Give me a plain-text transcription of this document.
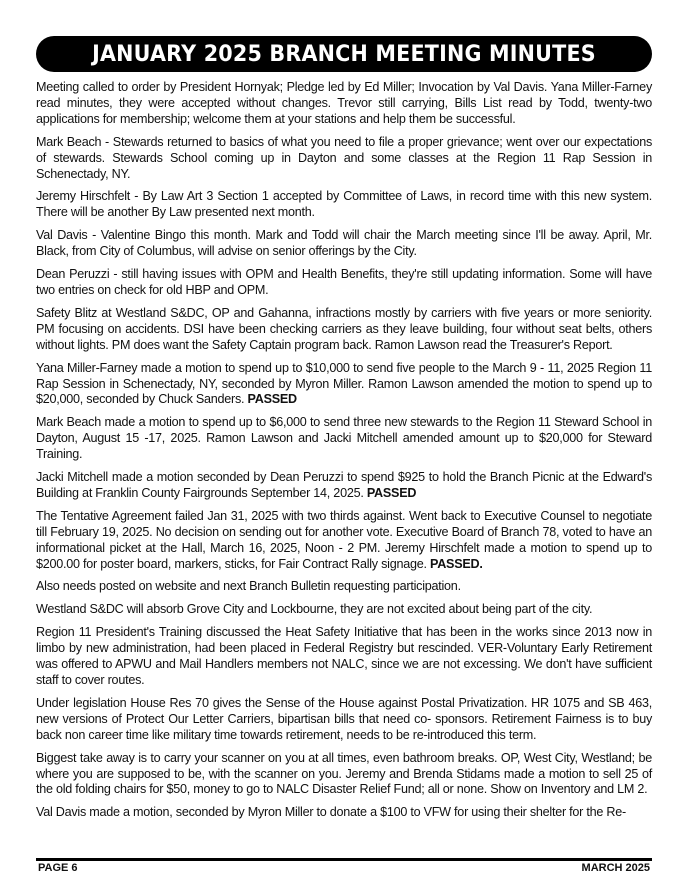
JANUARY 2025 BRANCH MEETING MINUTES

Meeting called to order by President Hornyak; Pledge led by Ed Miller; Invocation by Val Davis. Yana Miller-Farney read minutes, they were accepted without changes. Trevor still carrying, Bills List read by Todd, twenty-two applications for membership; welcome them at your stations and help them be successful.

Mark Beach - Stewards returned to basics of what you need to file a proper grievance; went over our expectations of stewards. Stewards School coming up in Dayton and some classes at the Region 11 Rap Session in Schenectady, NY.

Jeremy Hirschfelt - By Law Art 3 Section 1 accepted by Committee of Laws, in record time with this new system. There will be another By Law presented next month.

Val Davis - Valentine Bingo this month. Mark and Todd will chair the March meeting since I'll be away. April, Mr. Black, from City of Columbus, will advise on senior offerings by the City.

Dean Peruzzi - still having issues with OPM and Health Benefits, they're still updating information. Some will have two entries on check for old HBP and OPM.

Safety Blitz at Westland S&DC, OP and Gahanna, infractions mostly by carriers with five years or more seniority. PM focusing on accidents. DSI have been checking carriers as they leave building, four without seat belts, others without lights. PM does want the Safety Captain program back. Ramon Lawson read the Treasurer's Report.

Yana Miller-Farney made a motion to spend up to $10,000 to send five people to the March 9 - 11, 2025 Region 11 Rap Session in Schenectady, NY, seconded by Myron Miller. Ramon Lawson amended the motion to spend up to $20,000, seconded by Chuck Sanders. PASSED

Mark Beach made a motion to spend up to $6,000 to send three new stewards to the Region 11 Steward School in Dayton, August 15 -17, 2025. Ramon Lawson and Jacki Mitchell amended amount up to $20,000 for Steward Training.

Jacki Mitchell made a motion seconded by Dean Peruzzi to spend $925 to hold the Branch Picnic at the Edward's Building at Franklin County Fairgrounds September 14, 2025. PASSED

The Tentative Agreement failed Jan 31, 2025 with two thirds against. Went back to Executive Counsel to negotiate till February 19, 2025. No decision on sending out for another vote. Executive Board of Branch 78, voted to have an informational picket at the Hall, March 16, 2025, Noon - 2 PM. Jeremy Hirschfelt made a motion to spend up to $200.00 for poster board, markers, sticks, for Fair Contract Rally signage. PASSED.

Also needs posted on website and next Branch Bulletin requesting participation.

Westland S&DC will absorb Grove City and Lockbourne, they are not excited about being part of the city.

Region 11 President's Training discussed the Heat Safety Initiative that has been in the works since 2013 now in limbo by new administration, had been placed in Federal Registry but rescinded. VER-Voluntary Early Retirement was offered to APWU and Mail Handlers members not NALC, since we are not excessing. We don't have sufficient staff to cover routes.

Under legislation House Res 70 gives the Sense of the House against Postal Privatization. HR 1075 and SB 463, new versions of Protect Our Letter Carriers, bipartisan bills that need co- sponsors. Retirement Fairness is to buy back non career time like military time towards retirement, needs to be re-introduced this term.

Biggest take away is to carry your scanner on you at all times, even bathroom breaks. OP, West City, Westland; be where you are supposed to be, with the scanner on you. Jeremy and Brenda Stidams made a motion to sell 25 of the old folding chairs for $50, money to go to NALC Disaster Relief Fund; all or none. Show on Inventory and LM 2.

Val Davis made a motion, seconded by Myron Miller to donate a $100 to VFW for using their shelter for the Re-

PAGE 6	MARCH 2025
